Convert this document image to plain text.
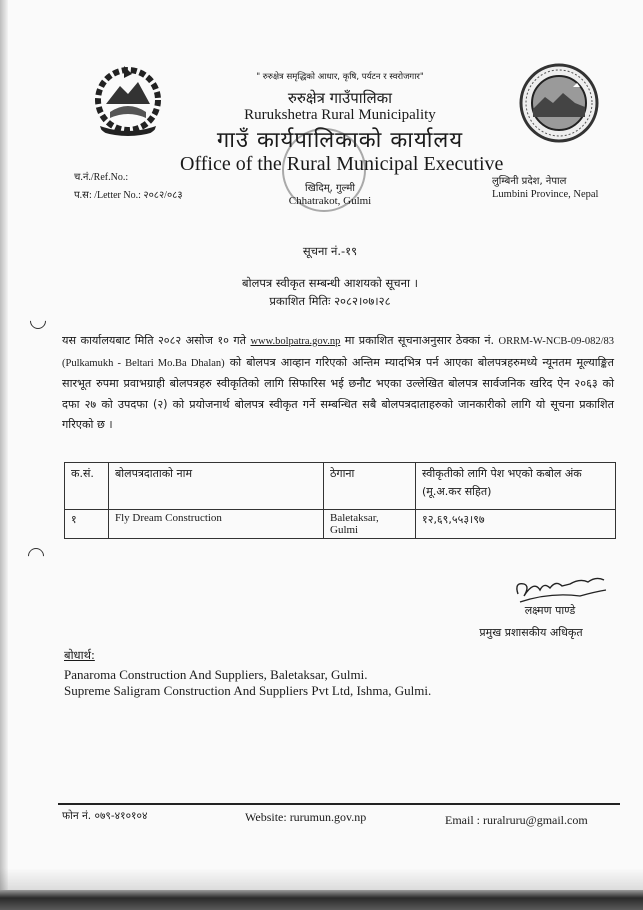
" रुरुक्षेत्र समृद्धिको आधार, कृषि, पर्यटन र स्वरोजगार"
रुरुक्षेत्र गाउँपालिका
Rurukshetra Rural Municipality
गाउँ कार्यपालिकाको कार्यालय
Office of the Rural Municipal Executive
खिदिम्, गुल्मी
Chhatrakot, Gulmi
च.नं./Ref.No.:
प.स: /Letter No.: २०८२/०८३
लुम्बिनी प्रदेश, नेपाल
Lumbini Province, Nepal
सूचना नं.-१९
बोलपत्र स्वीकृत सम्बन्धी आशयको सूचना ।
प्रकाशित मितिः २०८२।०७।२८
यस कार्यालयबाट मिति २०८२ असोज १० गते www.bolpatra.gov.np मा प्रकाशित सूचनाअनुसार ठेक्का नं. ORRM-W-NCB-09-082/83 (Pulkamukh - Beltari Mo.Ba Dhalan) को बोलपत्र आव्हान गरिएको अन्तिम म्यादभित्र पर्न आएका बोलपत्रहरुमध्ये न्यूनतम मूल्याङ्कित सारभूत रुपमा प्रवाभग्राही बोलपत्रहरु स्वीकृतिको लागि सिफारिस भई छनौट भएका उल्लेखित बोलपत्र सार्वजनिक खरिद ऐन २०६३ को दफा २७ को उपदफा (२) को प्रयोजनार्थ बोलपत्र स्वीकृत गर्ने सम्बन्धित सबै बोलपत्रदाताहरुको जानकारीको लागि यो सूचना प्रकाशित गरिएको छ ।
क.सं.	बोलपत्रदाताको नाम	ठेगाना	स्वीकृतीको लागि पेश भएको कबोल अंक (मू.अ.कर सहित)
१	Fly Dream Construction	Baletaksar, Gulmi	१२,६९,५५३।९७
लक्ष्मण पाण्डे
प्रमुख प्रशासकीय अधिकृत
बोधार्थ:
Panaroma Construction And Suppliers, Baletaksar, Gulmi.
Supreme Saligram Construction And Suppliers Pvt Ltd, Ishma, Gulmi.
फोन नं. ०७९-४१०१०४	Website: rurumun.gov.np	Email : ruralruru@gmail.com
